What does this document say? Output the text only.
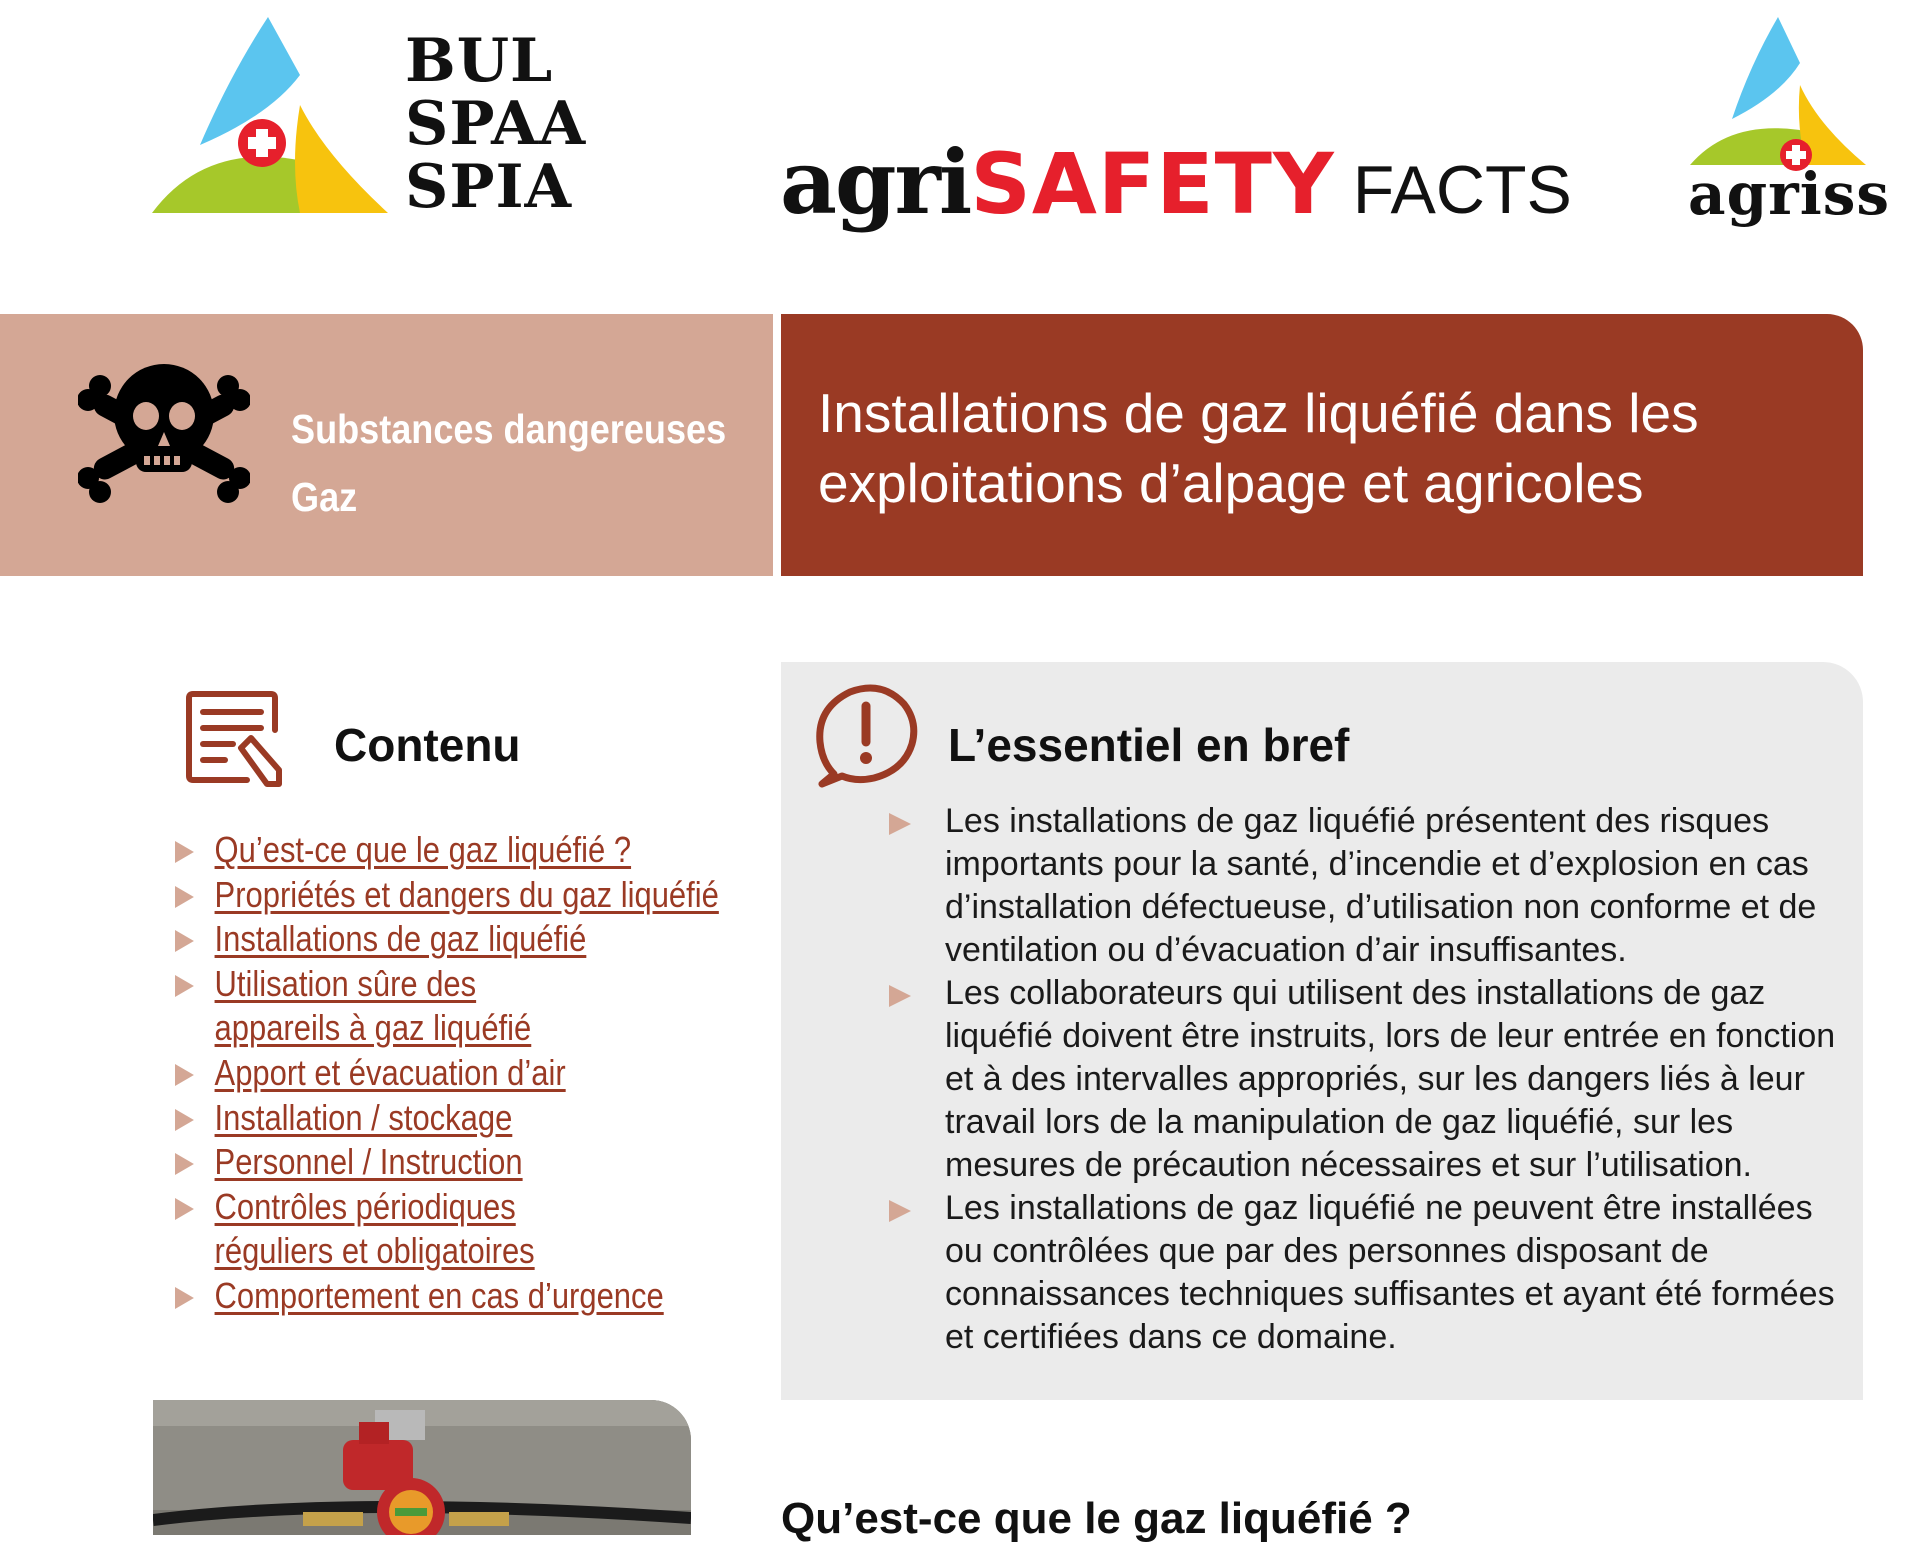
BUL
SPAA
SPIA agriSAFETY FACTS agriss
Substances dangereuses
Gaz
Installations de gaz liquéfié dans les exploitations d’alpage et agricoles
Contenu
Qu’est-ce que le gaz liquéfié ?
Propriétés et dangers du gaz liquéfié
Installations de gaz liquéfié
Utilisation sûre des appareils à gaz liquéfié
Apport et évacuation d’air
Installation / stockage
Personnel / Instruction
Contrôles périodiques réguliers et obligatoires
Comportement en cas d’urgence
L’essentiel en bref
Les installations de gaz liquéfié présentent des risques importants pour la santé, d’incendie et d’explosion en cas d’installation défectueuse, d’utilisation non conforme et de ventilation ou d’évacuation d’air insuffisantes.
Les collaborateurs qui utilisent des installations de gaz liquéfié doivent être instruits, lors de leur entrée en fonction et à des intervalles appropriés, sur les dangers liés à leur travail lors de la manipulation de gaz liquéfié, sur les mesures de précaution nécessaires et sur l’utilisation.
Les installations de gaz liquéfié ne peuvent être installées ou contrôlées que par des personnes disposant de connaissances techniques suffisantes et ayant été formées et certifiées dans ce domaine.
Qu’est-ce que le gaz liquéfié ?
